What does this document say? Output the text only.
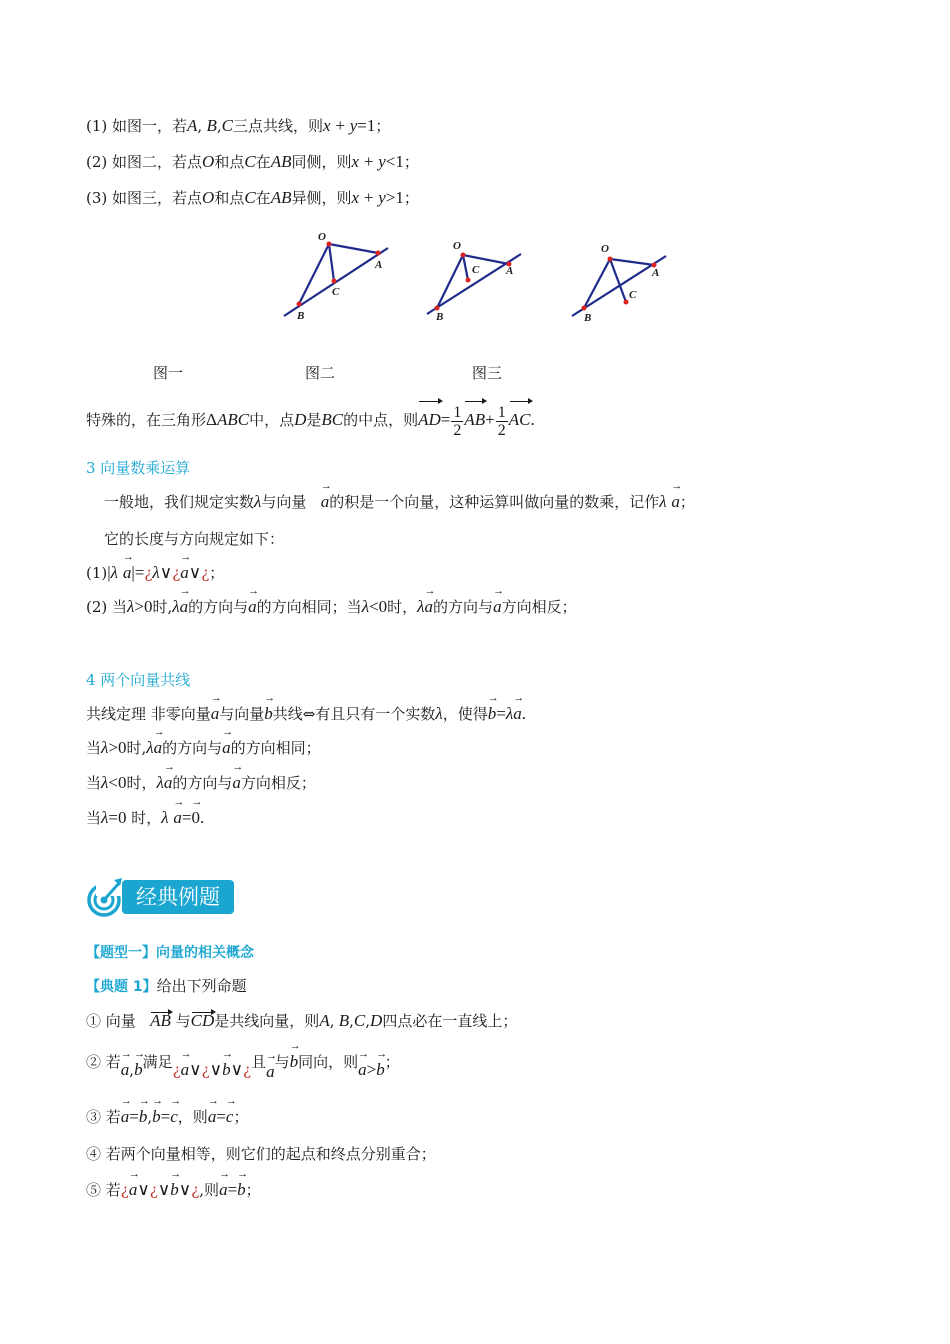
(1) 如图一，若A, B,C三点共线，则x + y=1；
(2) 如图二，若点O和点C在AB同侧，则x + y<1；
(3) 如图三，若点O和点C在AB异侧，则x + y>1；
O
A
C
B
O
A
C
B
O
A
C
B
图一	图二	图三
特殊的，在三角形ΔABC中，点D是BC的中点，则$AD= \frac{1}{2} AB+ \frac{1}{2}$ AC.
3 向量数乘运算
一般地，我们规定实数λ与向量 → a的积是一个向量，这种运算叫做向量的数乘，记作λ → a；
它的长度与方向规定如下：
(1)|λ → a|=¿λ∨¿→ a∨¿；
(2) 当λ>0时,λ→ a的方向与→ a的方向相同；当λ<0时，λ→ a的方向与→ a方向相反；
4 两个向量共线
共线定理 非零向量→ a与向量→ b共线⇔有且只有一个实数λ，使得→ b=λ→ a.
当λ>0时,λ→ a的方向与→ a的方向相同；
当λ<0时，λ→ a的方向与→ a方向相反；
当λ=0 时，λ → a=→ 0.
经典例题
【题型一】向量的相关概念
【典题 1】给出下列命题
① 向量 AB 与CD是共线向量，则A, B,C,D四点必在一直线上；
② 若→ a,→ b满足¿→ a∨¿∨→ b∨¿且→ a与→ b同向，则→ a>→ b；
③ 若→ a=→ b,→ b=→ c，则→ a=→ c；
④ 若两个向量相等，则它们的起点和终点分别重合；
⑤ 若¿→ a∨¿∨→ b∨¿,则→ a=→ b；
